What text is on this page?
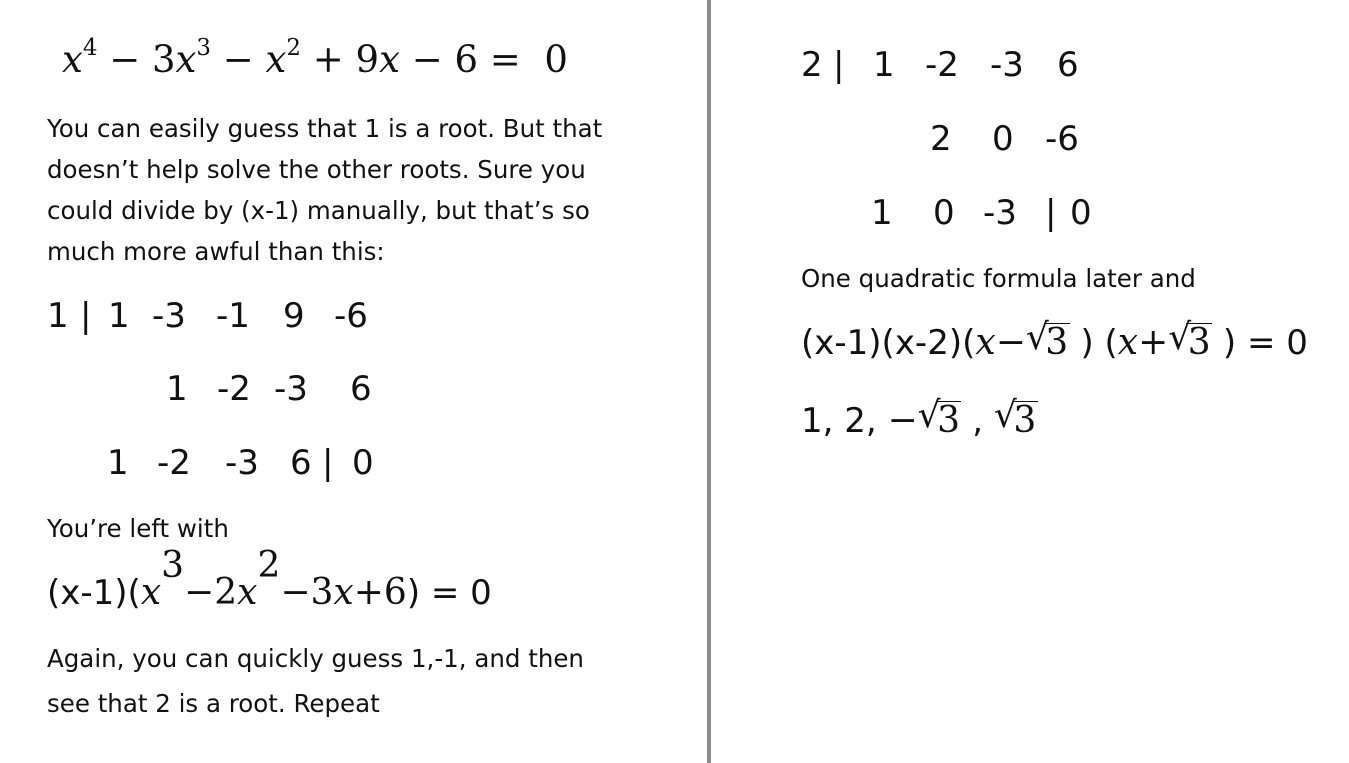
$x^4 - 3x^3 - x^2 + 9x - 6 = 0$
You can easily guess that 1 is a root. But that doesn’t help solve the other roots. Sure you could divide by (x-1) manually, but that’s so much more awful than this:
1 | 1 -3 -1 9 -6
1 -2 -3 6
1 -2 -3 6 | 0
You’re left with
$(x-1)(x^3-2x^2-3x+6) = 0$
Again, you can quickly guess 1,-1, and then see that 2 is a root. Repeat
2 | 1 -2 -3 6
2 0 -6
1 0 -3 | 0
One quadratic formula later and
(x-1)(x-2)(x− √
3 ) (x+ √
3 ) = 0
1, 2, − √
3 , √
3
